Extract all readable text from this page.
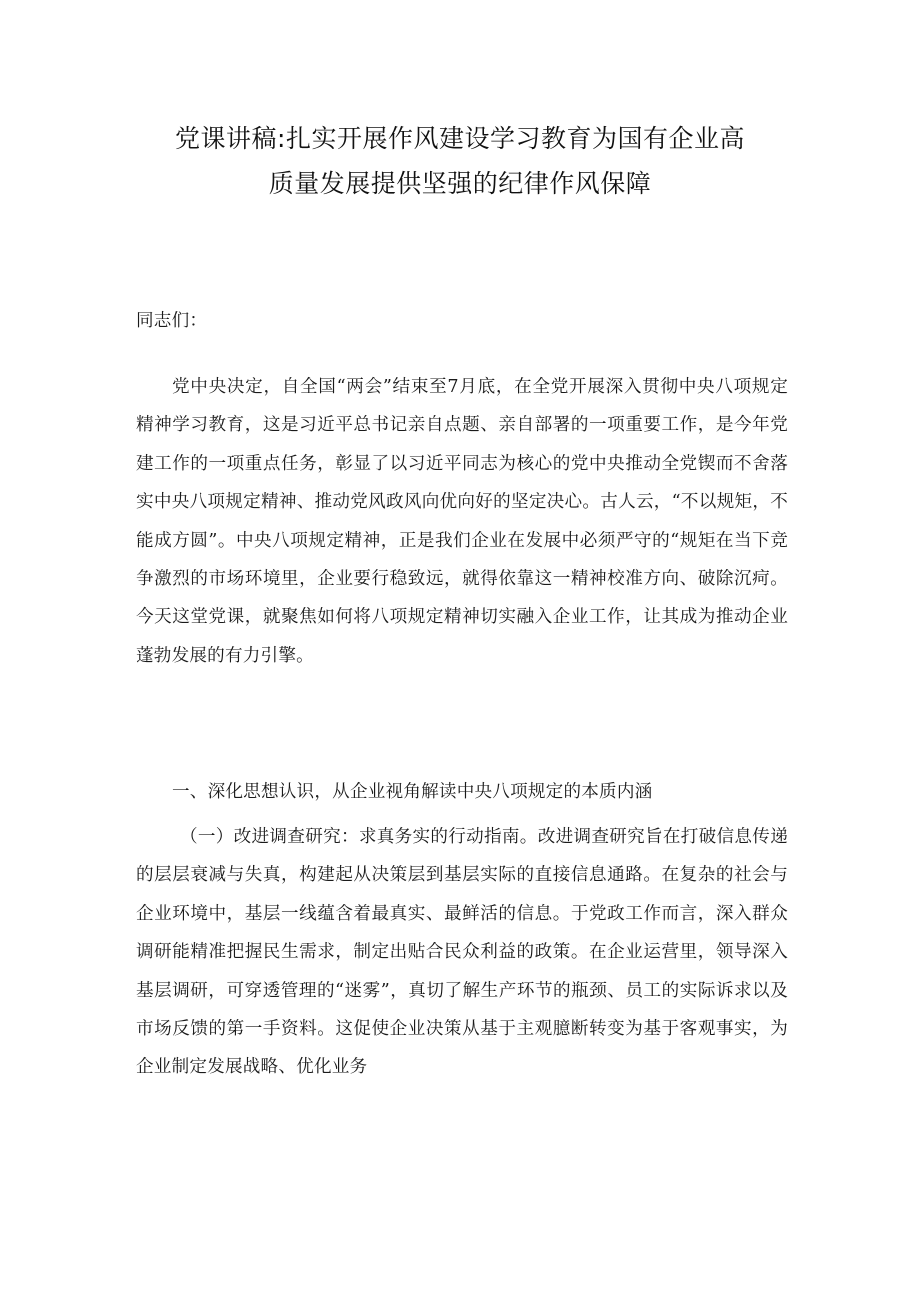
党课讲稿:扎实开展作风建设学习教育为国有企业高
质量发展提供坚强的纪律作风保障
同志们：
党中央决定，自全国“两会”结束至7月底，在全党开展深入贯彻中央八项规定精神学习教育，这是习近平总书记亲自点题、亲自部署的一项重要工作，是今年党建工作的一项重点任务，彰显了以习近平同志为核心的党中央推动全党锲而不舍落实中央八项规定精神、推动党风政风向优向好的坚定决心。古人云，“不以规矩，不能成方圆”。中央八项规定精神，正是我们企业在发展中必须严守的“规矩在当下竞争激烈的市场环境里，企业要行稳致远，就得依靠这一精神校准方向、破除沉疴。今天这堂党课，就聚焦如何将八项规定精神切实融入企业工作，让其成为推动企业蓬勃发展的有力引擎。
一、深化思想认识，从企业视角解读中央八项规定的本质内涵
（一）改进调查研究：求真务实的行动指南。改进调查研究旨在打破信息传递的层层衰减与失真，构建起从决策层到基层实际的直接信息通路。在复杂的社会与企业环境中，基层一线蕴含着最真实、最鲜活的信息。于党政工作而言，深入群众调研能精准把握民生需求，制定出贴合民众利益的政策。在企业运营里，领导深入基层调研，可穿透管理的“迷雾”，真切了解生产环节的瓶颈、员工的实际诉求以及市场反馈的第一手资料。这促使企业决策从基于主观臆断转变为基于客观事实，为企业制定发展战略、优化业务
